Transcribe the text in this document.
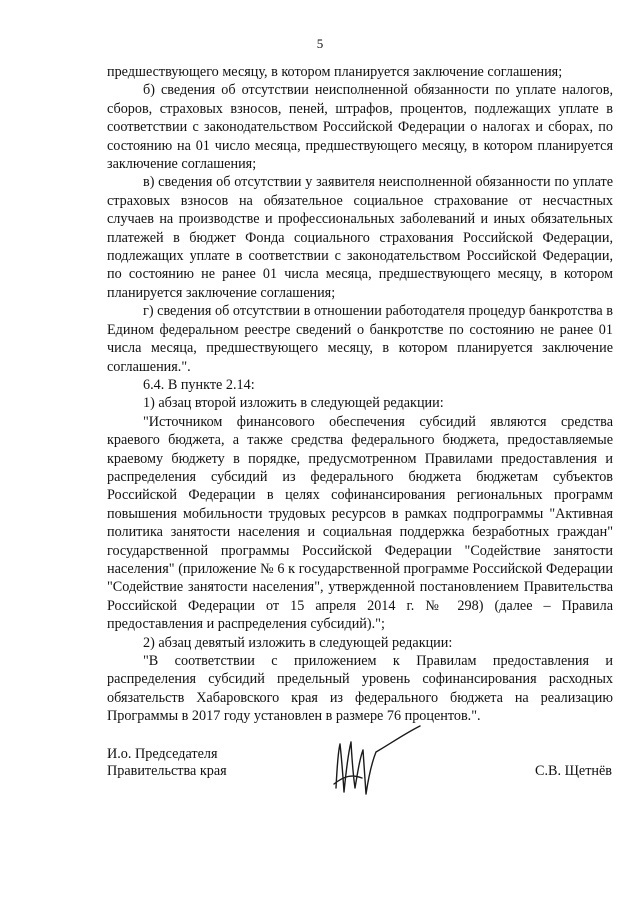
5

предшествующего месяцу, в котором планируется заключение соглашения;

б) сведения об отсутствии неисполненной обязанности по уплате налогов, сборов, страховых взносов, пеней, штрафов, процентов, подлежащих уплате в соответствии с законодательством Российской Федерации о налогах и сборах, по состоянию на 01 число месяца, предшествующего месяцу, в котором планируется заключение соглашения;

в) сведения об отсутствии у заявителя неисполненной обязанности по уплате страховых взносов на обязательное социальное страхование от несчастных случаев на производстве и профессиональных заболеваний и иных обязательных платежей в бюджет Фонда социального страхования Российской Федерации, подлежащих уплате в соответствии с законодательством Российской Федерации, по состоянию не ранее 01 числа месяца, предшествующего месяцу, в котором планируется заключение соглашения;

г) сведения об отсутствии в отношении работодателя процедур банкротства в Едином федеральном реестре сведений о банкротстве по состоянию не ранее 01 числа месяца, предшествующего месяцу, в котором планируется заключение соглашения.".

6.4. В пункте 2.14:

1) абзац второй изложить в следующей редакции:

"Источником финансового обеспечения субсидий являются средства краевого бюджета, а также средства федерального бюджета, предоставляемые краевому бюджету в порядке, предусмотренном Правилами предоставления и распределения субсидий из федерального бюджета бюджетам субъектов Российской Федерации в целях софинансирования региональных программ повышения мобильности трудовых ресурсов в рамках подпрограммы "Активная политика занятости населения и социальная поддержка безработных граждан" государственной программы Российской Федерации "Содействие занятости населения" (приложение № 6 к государственной программе Российской Федерации "Содействие занятости населения", утвержденной постановлением Правительства Российской Федерации от 15 апреля 2014 г. № 298) (далее – Правила предоставления и распределения субсидий).";

2) абзац девятый изложить в следующей редакции:

"В соответствии с приложением к Правилам предоставления и распределения субсидий предельный уровень софинансирования расходных обязательств Хабаровского края из федерального бюджета на реализацию Программы в 2017 году установлен в размере 76 процентов.".

И.о. Председателя
Правительства края	С.В. Щетнёв
